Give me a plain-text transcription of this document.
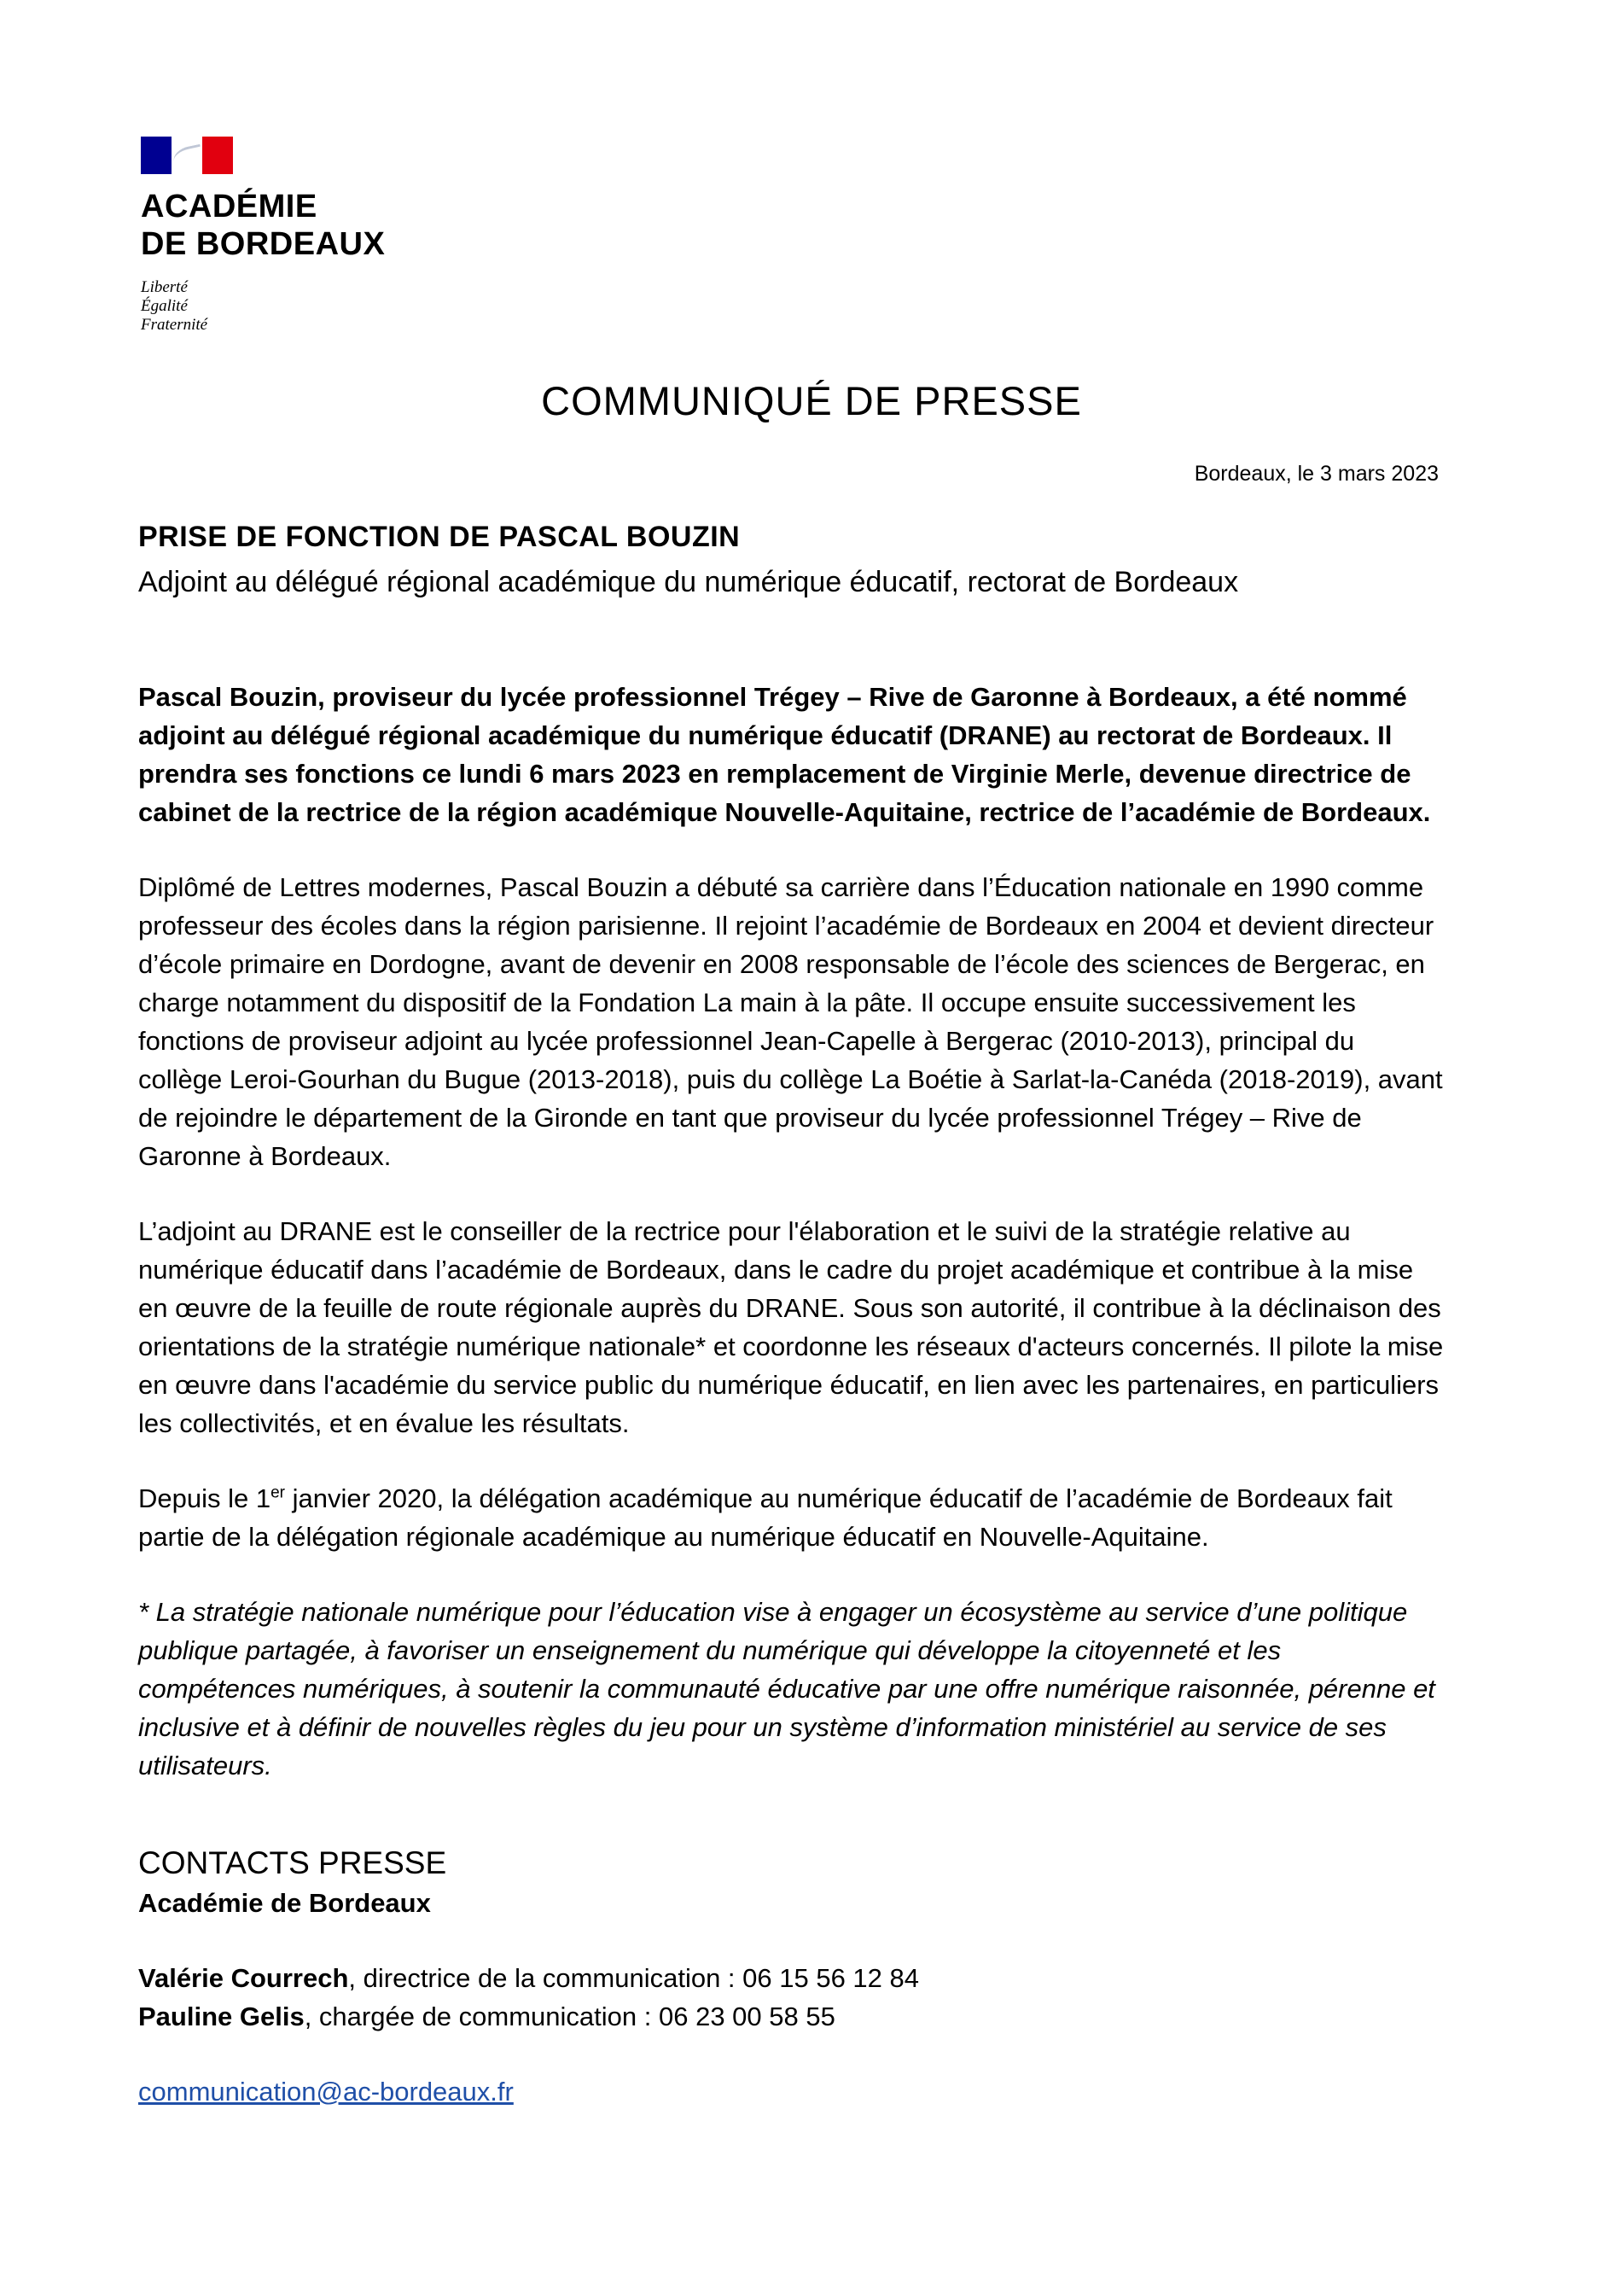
ACADÉMIE
DE BORDEAUX
Liberté
Égalité
Fraternité
COMMUNIQUÉ DE PRESSE
Bordeaux, le 3 mars 2023

PRISE DE FONCTION DE PASCAL BOUZIN

Adjoint au délégué régional académique du numérique éducatif, rectorat de Bordeaux

Pascal Bouzin, proviseur du lycée professionnel Trégey – Rive de Garonne à Bordeaux, a été nommé adjoint au délégué régional académique du numérique éducatif (DRANE) au rectorat de Bordeaux. Il prendra ses fonctions ce lundi 6 mars 2023 en remplacement de Virginie Merle, devenue directrice de cabinet de la rectrice de la région académique Nouvelle-Aquitaine, rectrice de l’académie de Bordeaux.

Diplômé de Lettres modernes, Pascal Bouzin a débuté sa carrière dans l’Éducation nationale en 1990 comme professeur des écoles dans la région parisienne. Il rejoint l’académie de Bordeaux en 2004 et devient directeur d’école primaire en Dordogne, avant de devenir en 2008 responsable de l’école des sciences de Bergerac, en charge notamment du dispositif de la Fondation La main à la pâte. Il occupe ensuite successivement les fonctions de proviseur adjoint au lycée professionnel Jean-Capelle à Bergerac (2010-2013), principal du collège Leroi-Gourhan du Bugue (2013-2018), puis du collège La Boétie à Sarlat-la-Canéda (2018-2019), avant de rejoindre le département de la Gironde en tant que proviseur du lycée professionnel Trégey – Rive de Garonne à Bordeaux.

L’adjoint au DRANE est le conseiller de la rectrice pour l'élaboration et le suivi de la stratégie relative au numérique éducatif dans l’académie de Bordeaux, dans le cadre du projet académique et contribue à la mise en œuvre de la feuille de route régionale auprès du DRANE. Sous son autorité, il contribue à la déclinaison des orientations de la stratégie numérique nationale* et coordonne les réseaux d'acteurs concernés. Il pilote la mise en œuvre dans l'académie du service public du numérique éducatif, en lien avec les partenaires, en particuliers les collectivités, et en évalue les résultats.

Depuis le 1er janvier 2020, la délégation académique au numérique éducatif de l’académie de Bordeaux fait partie de la délégation régionale académique au numérique éducatif en Nouvelle-Aquitaine.

* La stratégie nationale numérique pour l’éducation vise à engager un écosystème au service d’une politique publique partagée, à favoriser un enseignement du numérique qui développe la citoyenneté et les compétences numériques, à soutenir la communauté éducative par une offre numérique raisonnée, pérenne et inclusive et à définir de nouvelles règles du jeu pour un système d’information ministériel au service de ses utilisateurs.

CONTACTS PRESSE

Académie de Bordeaux

Valérie Courrech, directrice de la communication : 06 15 56 12 84

Pauline Gelis, chargée de communication : 06 23 00 58 55

communication@ac-bordeaux.fr
